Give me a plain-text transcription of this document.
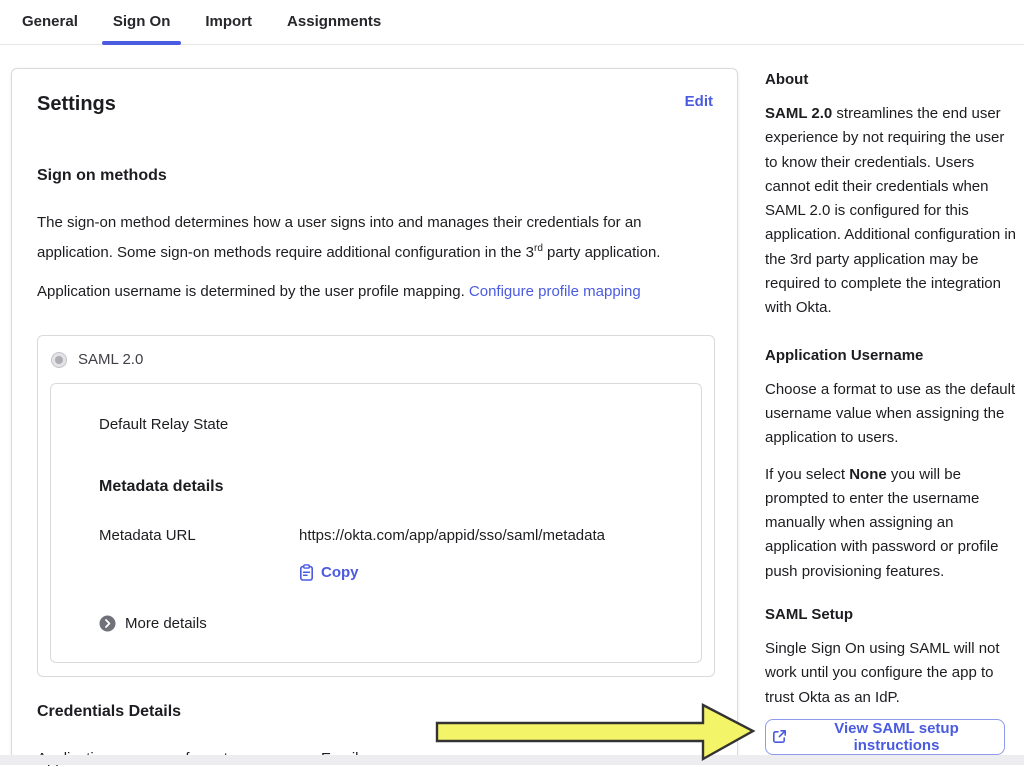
General	Sign On	Import	Assignments
Settings	Edit
Sign on methods
The sign-on method determines how a user signs into and manages their credentials for an application. Some sign-on methods require additional configuration in the 3rd party application.
Application username is determined by the user profile mapping. Configure profile mapping
SAML 2.0
Default Relay State
Metadata details
Metadata URL	https://okta.com/app/appid/sso/saml/metadata
Copy
More details
Credentials Details
About
SAML 2.0 streamlines the end user experience by not requiring the user to know their credentials. Users cannot edit their credentials when SAML 2.0 is configured for this application. Additional configuration in the 3rd party application may be required to complete the integration with Okta.
Application Username
Choose a format to use as the default username value when assigning the application to users.
If you select None you will be prompted to enter the username manually when assigning an application with password or profile push provisioning features.
SAML Setup
Single Sign On using SAML will not work until you configure the app to trust Okta as an IdP.
View SAML setup instructions
